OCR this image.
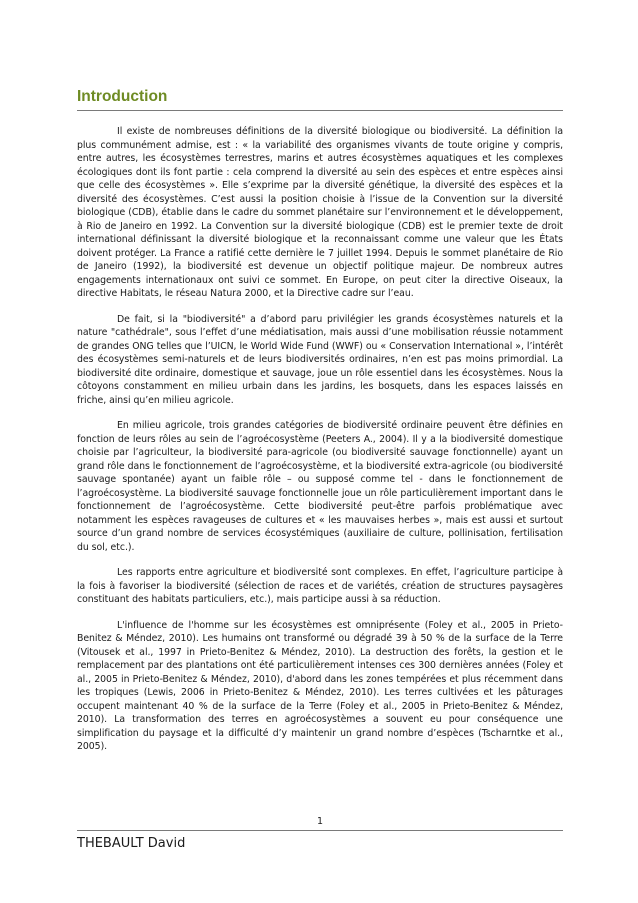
Introduction

Il existe de nombreuses définitions de la diversité biologique ou biodiversité. La définition la plus communément admise, est : « la variabilité des organismes vivants de toute origine y compris, entre autres, les écosystèmes terrestres, marins et autres écosystèmes aquatiques et les complexes écologiques dont ils font partie : cela comprend la diversité au sein des espèces et entre espèces ainsi que celle des écosystèmes ». Elle s’exprime par la diversité génétique, la diversité des espèces et la diversité des écosystèmes. C’est aussi la position choisie à l’issue de la Convention sur la diversité biologique (CDB), établie dans le cadre du sommet planétaire sur l’environnement et le développement, à Rio de Janeiro en 1992. La Convention sur la diversité biologique (CDB) est le premier texte de droit international définissant la diversité biologique et la reconnaissant comme une valeur que les États doivent protéger. La France a ratifié cette dernière le 7 juillet 1994. Depuis le sommet planétaire de Rio de Janeiro (1992), la biodiversité est devenue un objectif politique majeur. De nombreux autres engagements internationaux ont suivi ce sommet. En Europe, on peut citer la directive Oiseaux, la directive Habitats, le réseau Natura 2000, et la Directive cadre sur l’eau.

De fait, si la "biodiversité" a d’abord paru privilégier les grands écosystèmes naturels et la nature "cathédrale", sous l’effet d’une médiatisation, mais aussi d’une mobilisation réussie notamment de grandes ONG telles que l’UICN, le World Wide Fund (WWF) ou « Conservation International », l’intérêt des écosystèmes semi-naturels et de leurs biodiversités ordinaires, n’en est pas moins primordial. La biodiversité dite ordinaire, domestique et sauvage, joue un rôle essentiel dans les écosystèmes. Nous la côtoyons constamment en milieu urbain dans les jardins, les bosquets, dans les espaces laissés en friche, ainsi qu’en milieu agricole.

En milieu agricole, trois grandes catégories de biodiversité ordinaire peuvent être définies en fonction de leurs rôles au sein de l’agroécosystème (Peeters A., 2004). Il y a la biodiversité domestique choisie par l’agriculteur, la biodiversité para-agricole (ou biodiversité sauvage fonctionnelle) ayant un grand rôle dans le fonctionnement de l’agroécosystème, et la biodiversité extra-agricole (ou biodiversité sauvage spontanée) ayant un faible rôle – ou supposé comme tel - dans le fonctionnement de l’agroécosystème. La biodiversité sauvage fonctionnelle joue un rôle particulièrement important dans le fonctionnement de l’agroécosystème. Cette biodiversité peut-être parfois problématique avec notamment les espèces ravageuses de cultures et « les mauvaises herbes », mais est aussi et surtout source d’un grand nombre de services écosystémiques (auxiliaire de culture, pollinisation, fertilisation du sol, etc.).

Les rapports entre agriculture et biodiversité sont complexes. En effet, l’agriculture participe à la fois à favoriser la biodiversité (sélection de races et de variétés, création de structures paysagères constituant des habitats particuliers, etc.), mais participe aussi à sa réduction.

L'influence de l'homme sur les écosystèmes est omniprésente (Foley et al., 2005 in Prieto-Benitez & Méndez, 2010). Les humains ont transformé ou dégradé 39 à 50 % de la surface de la Terre (Vitousek et al., 1997 in Prieto-Benitez & Méndez, 2010). La destruction des forêts, la gestion et le remplacement par des plantations ont été particulièrement intenses ces 300 dernières années (Foley et al., 2005 in Prieto-Benitez & Méndez, 2010), d'abord dans les zones tempérées et plus récemment dans les tropiques (Lewis, 2006 in Prieto-Benitez & Méndez, 2010). Les terres cultivées et les pâturages occupent maintenant 40 % de la surface de la Terre (Foley et al., 2005 in Prieto-Benitez & Méndez, 2010). La transformation des terres en agroécosystèmes a souvent eu pour conséquence une simplification du paysage et la difficulté d’y maintenir un grand nombre d’espèces (Tscharntke et al., 2005).

1
THEBAULT David
